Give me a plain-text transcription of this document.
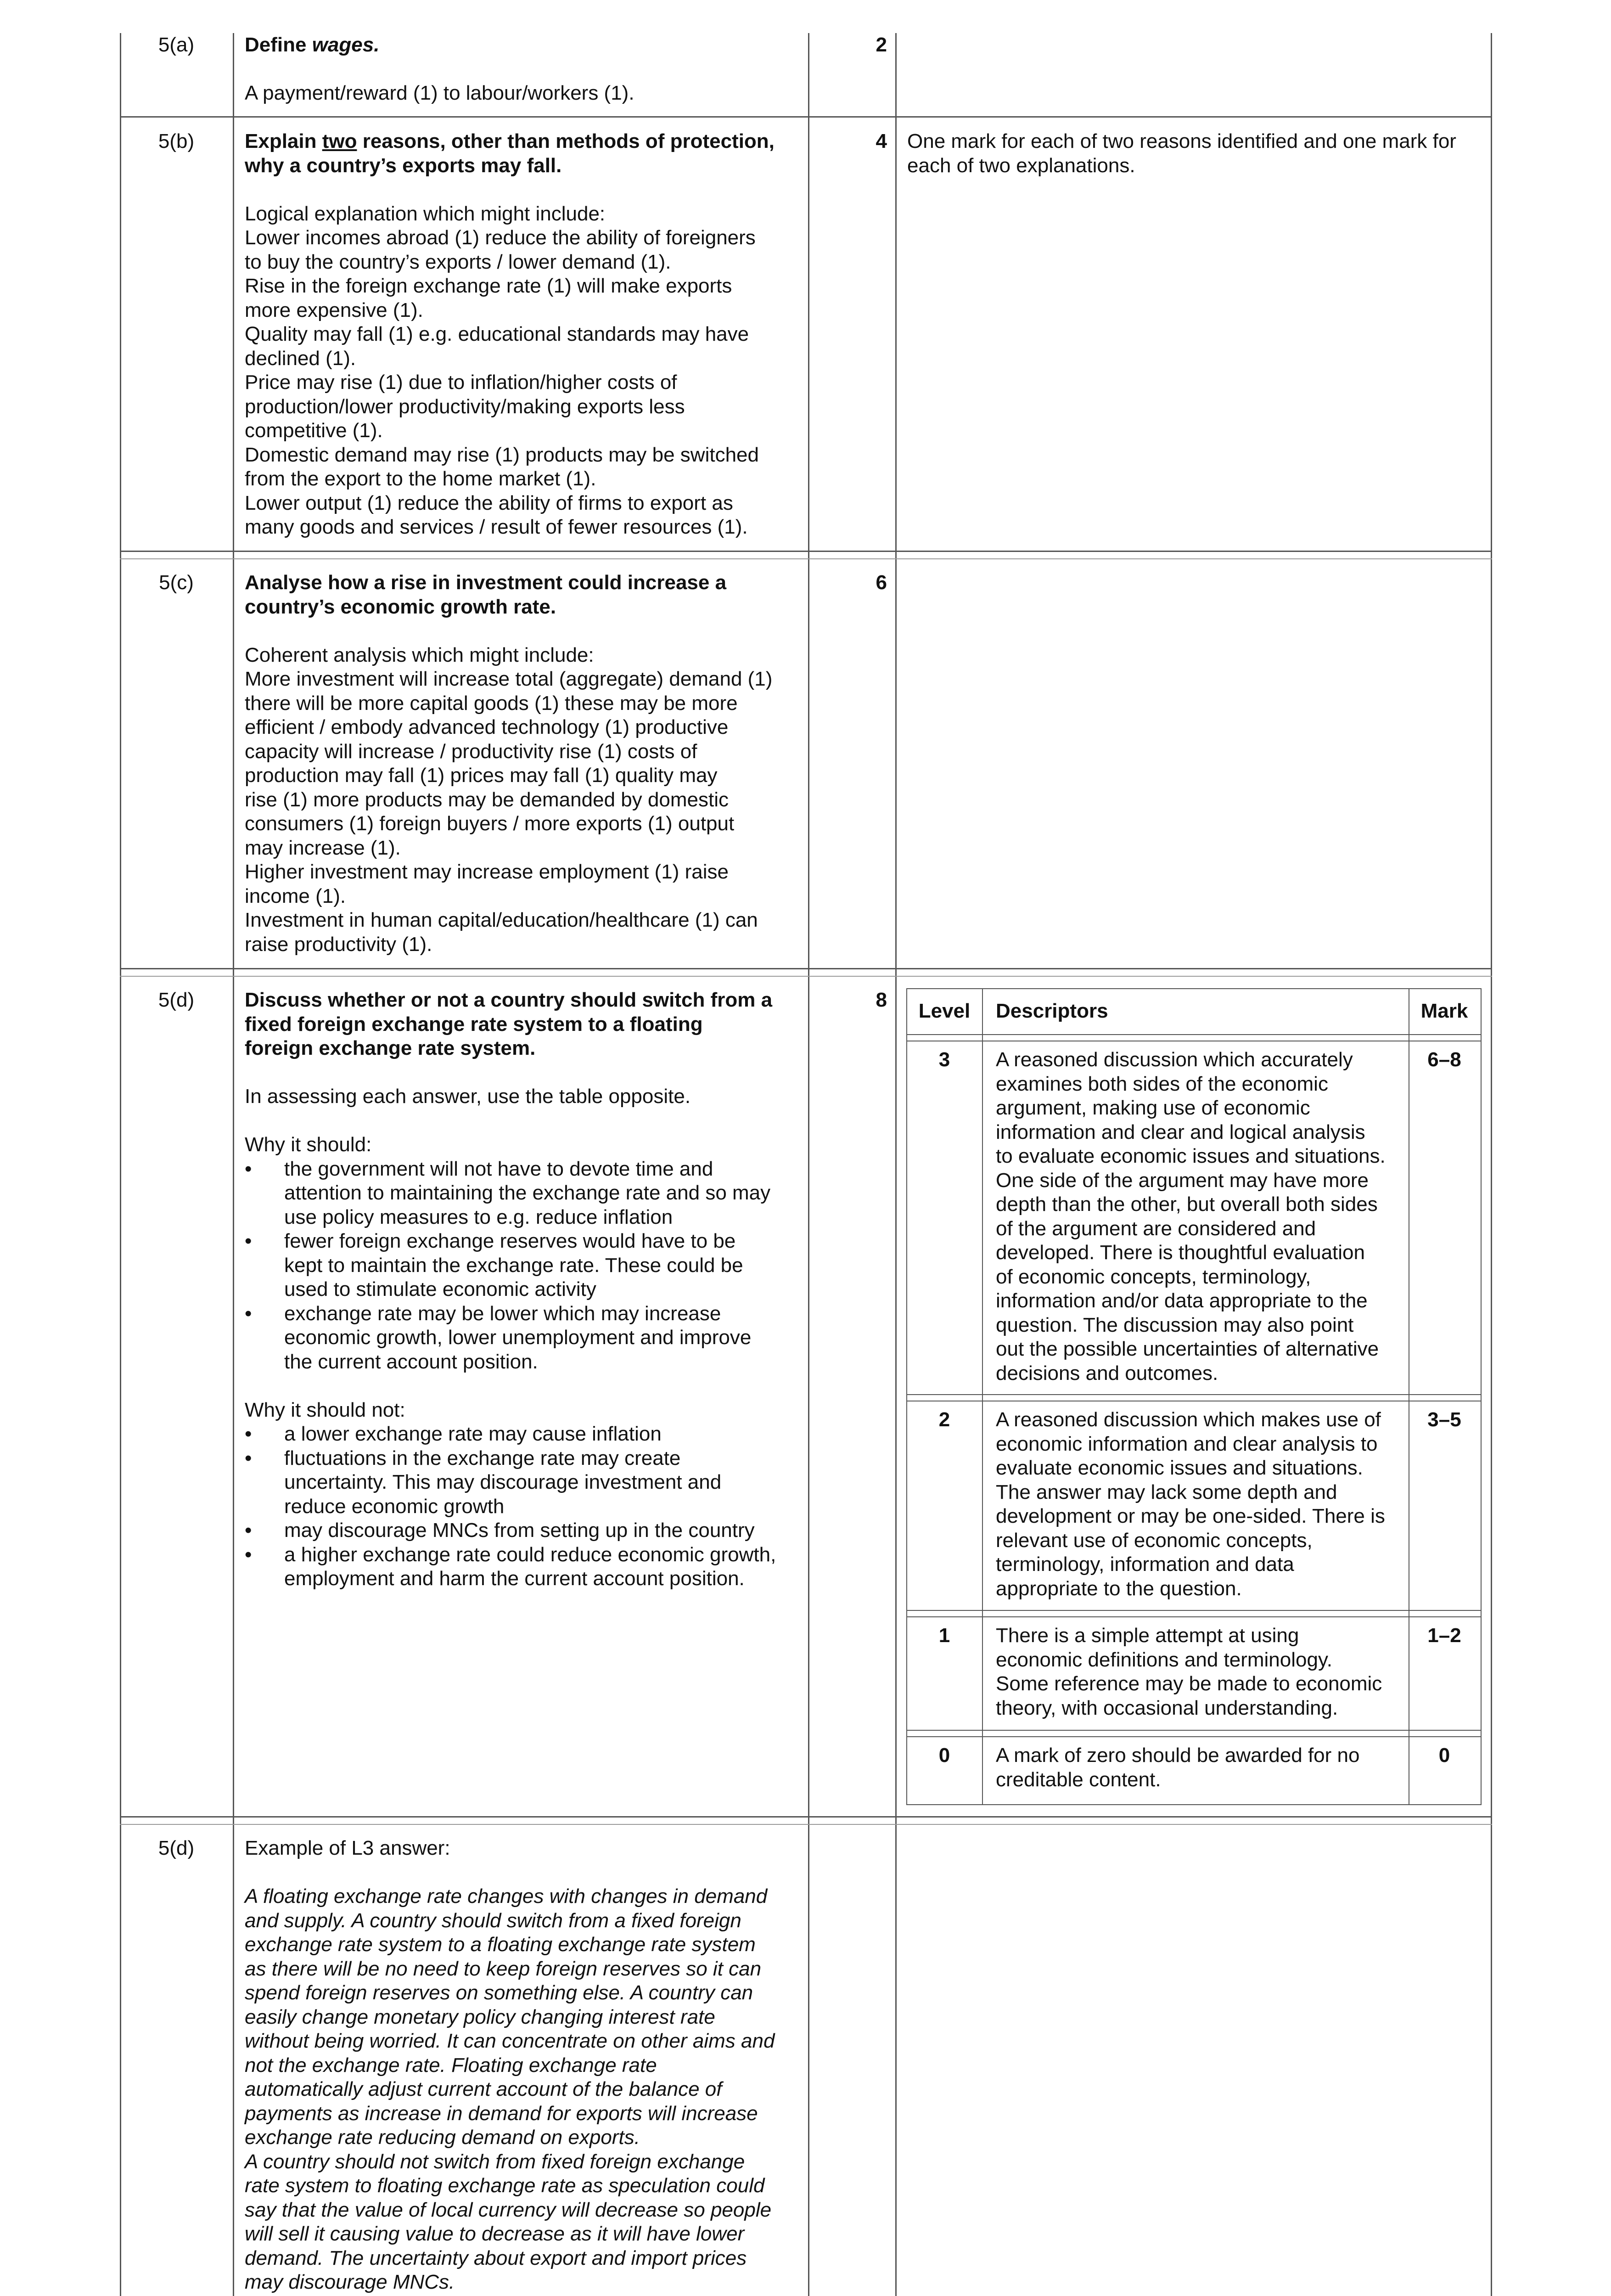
5(a)	Define wages.
A payment/reward (1) to labour/workers (1).
2
5(b)	Explain two reasons, other than methods of protection,
why a country’s exports may fall.
Logical explanation which might include:
Lower incomes abroad (1) reduce the ability of foreigners
to buy the country’s exports / lower demand (1).
Rise in the foreign exchange rate (1) will make exports
more expensive (1).
Quality may fall (1) e.g. educational standards may have
declined (1).
Price may rise (1) due to inflation/higher costs of
production/lower productivity/making exports less
competitive (1).
Domestic demand may rise (1) products may be switched
from the export to the home market (1).
Lower output (1) reduce the ability of firms to export as
many goods and services / result of fewer resources (1).
4 One mark for each of two reasons identified and one mark for
each of two explanations.
5(c)	Analyse how a rise in investment could increase a
country’s economic growth rate.
Coherent analysis which might include:
More investment will increase total (aggregate) demand (1)
there will be more capital goods (1) these may be more
efficient / embody advanced technology (1) productive
capacity will increase / productivity rise (1) costs of
production may fall (1) prices may fall (1) quality may
rise (1) more products may be demanded by domestic
consumers (1) foreign buyers / more exports (1) output
may increase (1).
Higher investment may increase employment (1) raise
income (1).
Investment in human capital/education/healthcare (1) can
raise productivity (1).
6
5(d)	Discuss whether or not a country should switch from a
fixed foreign exchange rate system to a floating
foreign exchange rate system.
In assessing each answer, use the table opposite.
Why it should:
•	the government will not have to devote time and
attention to maintaining the exchange rate and so may
use policy measures to e.g. reduce inflation
•	fewer foreign exchange reserves would have to be
kept to maintain the exchange rate. These could be
used to stimulate economic activity
•	exchange rate may be lower which may increase
economic growth, lower unemployment and improve
the current account position.
Why it should not:
•	a lower exchange rate may cause inflation
•	fluctuations in the exchange rate may create
uncertainty. This may discourage investment and
reduce economic growth
•	may discourage MNCs from setting up in the country
•	a higher exchange rate could reduce economic growth,
employment and harm the current account position.
8	Level	Descriptors	Mark
3	A reasoned discussion which accurately
examines both sides of the economic
argument, making use of economic
information and clear and logical analysis
to evaluate economic issues and situations.
One side of the argument may have more
depth than the other, but overall both sides
of the argument are considered and
developed. There is thoughtful evaluation
of economic concepts, terminology,
information and/or data appropriate to the
question. The discussion may also point
out the possible uncertainties of alternative
decisions and outcomes.
6–8
2	A reasoned discussion which makes use of
economic information and clear analysis to
evaluate economic issues and situations.
The answer may lack some depth and
development or may be one-sided. There is
relevant use of economic concepts,
terminology, information and data
appropriate to the question.
3–5
1	There is a simple attempt at using
economic definitions and terminology.
Some reference may be made to economic
theory, with occasional understanding.
1–2
0	A mark of zero should be awarded for no
creditable content.
0
5(d)	Example of L3 answer:
A floating exchange rate changes with changes in demand
and supply. A country should switch from a fixed foreign
exchange rate system to a floating exchange rate system
as there will be no need to keep foreign reserves so it can
spend foreign reserves on something else. A country can
easily change monetary policy changing interest rate
without being worried. It can concentrate on other aims and
not the exchange rate. Floating exchange rate
automatically adjust current account of the balance of
payments as increase in demand for exports will increase
exchange rate reducing demand on exports.
A country should not switch from fixed foreign exchange
rate system to floating exchange rate as speculation could
say that the value of local currency will decrease so people
will sell it causing value to decrease as it will have lower
demand. The uncertainty about export and import prices
may discourage MNCs.
